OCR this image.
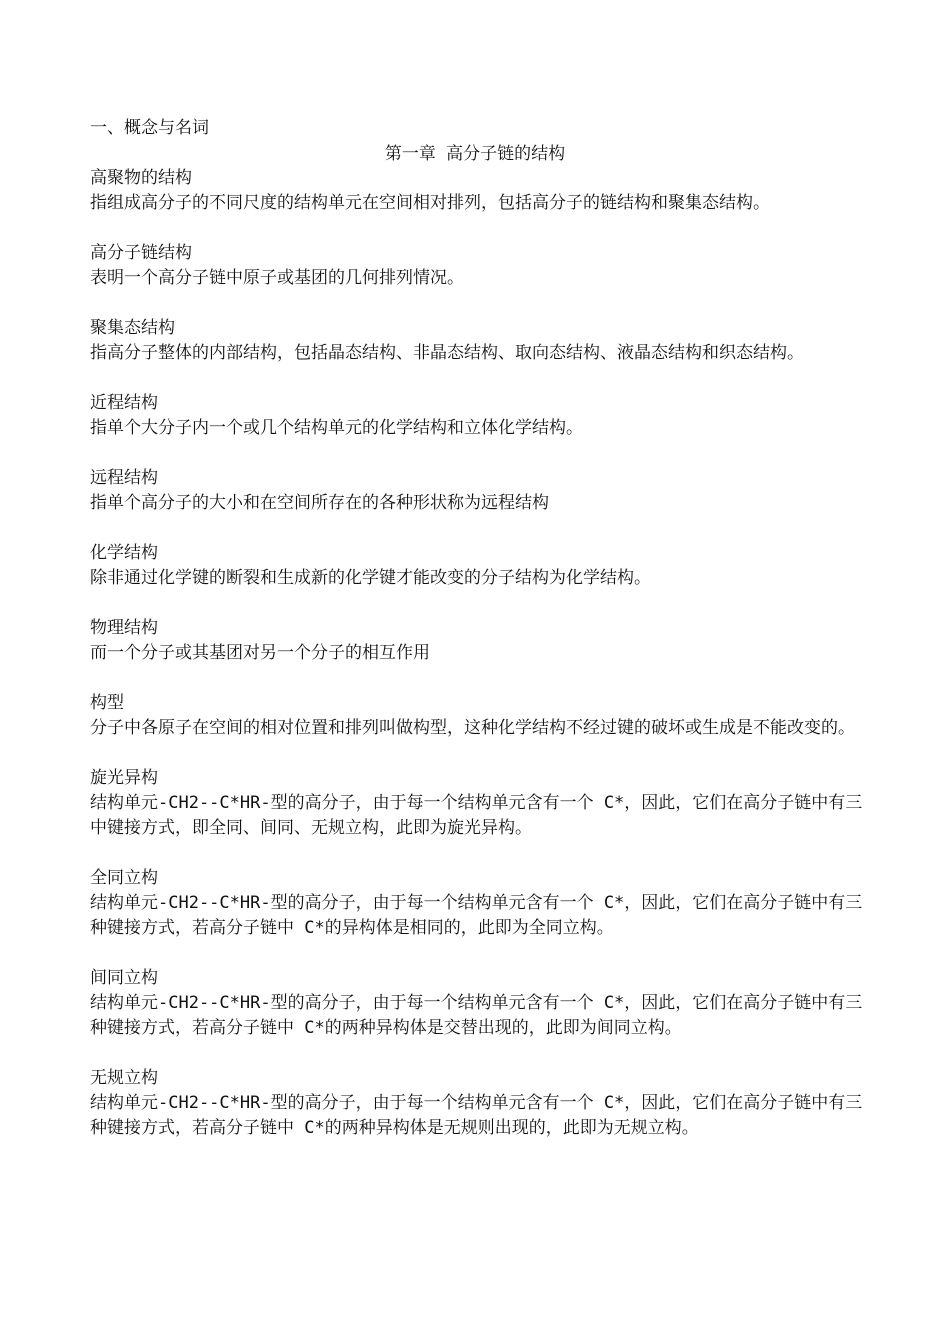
一、概念与名词
第一章 高分子链的结构
高聚物的结构
指组成高分子的不同尺度的结构单元在空间相对排列，包括高分子的链结构和聚集态结构。
高分子链结构
表明一个高分子链中原子或基团的几何排列情况。
聚集态结构
指高分子整体的内部结构，包括晶态结构、非晶态结构、取向态结构、液晶态结构和织态结构。
近程结构
指单个大分子内一个或几个结构单元的化学结构和立体化学结构。
远程结构
指单个高分子的大小和在空间所存在的各种形状称为远程结构
化学结构
除非通过化学键的断裂和生成新的化学键才能改变的分子结构为化学结构。
物理结构
而一个分子或其基团对另一个分子的相互作用
构型
分子中各原子在空间的相对位置和排列叫做构型，这种化学结构不经过键的破坏或生成是不能改变的。
旋光异构
结构单元-CH2--C*HR-型的高分子，由于每一个结构单元含有一个 C*，因此，它们在高分子链中有三中键接方式，即全同、间同、无规立构，此即为旋光异构。
全同立构
结构单元-CH2--C*HR-型的高分子，由于每一个结构单元含有一个 C*，因此，它们在高分子链中有三种键接方式，若高分子链中 C*的异构体是相同的，此即为全同立构。
间同立构
结构单元-CH2--C*HR-型的高分子，由于每一个结构单元含有一个 C*，因此，它们在高分子链中有三种键接方式，若高分子链中 C*的两种异构体是交替出现的，此即为间同立构。
无规立构
结构单元-CH2--C*HR-型的高分子，由于每一个结构单元含有一个 C*，因此，它们在高分子链中有三种键接方式，若高分子链中 C*的两种异构体是无规则出现的，此即为无规立构。
